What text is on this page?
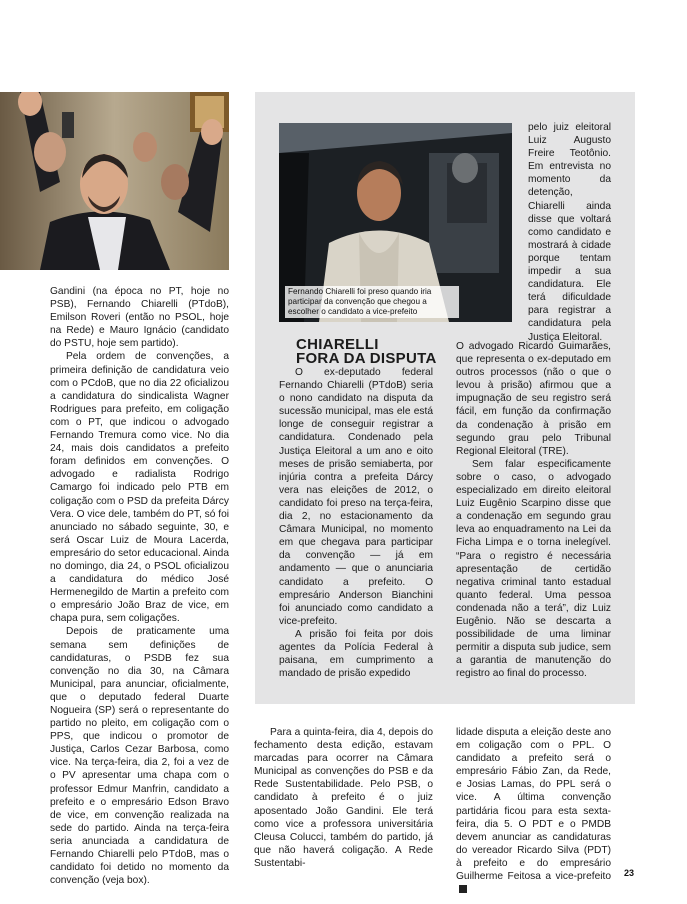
Gandini (na época no PT, hoje no PSB), Fernando Chiarelli (PTdoB), Emilson Roveri (então no PSOL, hoje na Rede) e Mauro Ignácio (candidato do PSTU, hoje sem partido).

Pela ordem de convenções, a primeira definição de candidatura veio com o PCdoB, que no dia 22 oficializou a candidatura do sindicalista Wagner Rodrigues para prefeito, em coligação com o PT, que indicou o advogado Fernando Tremura como vice. No dia 24, mais dois candidatos a prefeito foram definidos em convenções. O advogado e radialista Rodrigo Camargo foi indicado pelo PTB em coligação com o PSD da prefeita Dárcy Vera. O vice dele, também do PT, só foi anunciado no sábado seguinte, 30, e será Oscar Luiz de Moura Lacerda, empresário do setor educacional. Ainda no domingo, dia 24, o PSOL oficializou a candidatura do médico José Hermenegildo de Martin a prefeito com o empresário João Braz de vice, em chapa pura, sem coligações.

Depois de praticamente uma semana sem definições de candidaturas, o PSDB fez sua convenção no dia 30, na Câmara Municipal, para anunciar, oficialmente, que o deputado federal Duarte Nogueira (SP) será o representante do partido no pleito, em coligação com o PPS, que indicou o promotor de Justiça, Carlos Cezar Barbosa, como vice. Na terça-feira, dia 2, foi a vez de o PV apresentar uma chapa com o professor Edmur Manfrin, candidato a prefeito e o empresário Edson Bravo de vice, em convenção realizada na sede do partido. Ainda na terça-feira seria anunciada a candidatura de Fernando Chiarelli pelo PTdoB, mas o candidato foi detido no momento da convenção (veja box).

Fernando Chiarelli foi preso quando iria participar da convenção que chegou a escolher o candidato a vice-prefeito
CHIARELLI
FORA DA DISPUTA

O ex-deputado federal Fernando Chiarelli (PTdoB) seria o nono candidato na disputa da sucessão municipal, mas ele está longe de conseguir registrar a candidatura. Condenado pela Justiça Eleitoral a um ano e oito meses de prisão semiaberta, por injúria contra a prefeita Dárcy vera nas eleições de 2012, o candidato foi preso na terça-feira, dia 2, no estacionamento da Câmara Municipal, no momento em que chegava para participar da convenção — já em andamento — que o anunciaria candidato a prefeito. O empresário Anderson Bianchini foi anunciado como candidato a vice-prefeito.

A prisão foi feita por dois agentes da Polícia Federal à paisana, em cumprimento a mandado de prisão expedido

pelo juiz eleitoral Luiz Augusto Freire Teotônio. Em entrevista no momento da detenção, Chiarelli ainda disse que voltará como candidato e mostrará à cidade porque tentam impedir a sua candidatura. Ele terá dificuldade para registrar a candidatura pela Justiça Eleitoral.

O advogado Ricardo Guimarães, que representa o ex-deputado em outros processos (não o que o levou à prisão) afirmou que a impugnação de seu registro será fácil, em função da confirmação da condenação à prisão em segundo grau pelo Tribunal Regional Eleitoral (TRE).

Sem falar especificamente sobre o caso, o advogado especializado em direito eleitoral Luiz Eugênio Scarpino disse que a condenação em segundo grau leva ao enquadramento na Lei da Ficha Limpa e o torna inelegível. “Para o registro é necessária apresentação de certidão negativa criminal tanto estadual quanto federal. Uma pessoa condenada não a terá”, diz Luiz Eugênio. Não se descarta a possibilidade de uma liminar permitir a disputa sub judice, sem a garantia de manutenção do registro ao final do processo.

Para a quinta-feira, dia 4, depois do fechamento desta edição, estavam marcadas para ocorrer na Câmara Municipal as convenções do PSB e da Rede Sustentabilidade. Pelo PSB, o candidato à prefeito é o juiz aposentado João Gandini. Ele terá como vice a professora universitária Cleusa Colucci, também do partido, já que não haverá coligação. A Rede Sustentabi-

lidade disputa a eleição deste ano em coligação com o PPL. O candidato a prefeito será o empresário Fábio Zan, da Rede, e Josias Lamas, do PPL será o vice. A última convenção partidária ficou para esta sexta-feira, dia 5. O PDT e o PMDB devem anunciar as candidaturas do vereador Ricardo Silva (PDT) à prefeito e do empresário Guilherme Feitosa a vice-prefeito 23
